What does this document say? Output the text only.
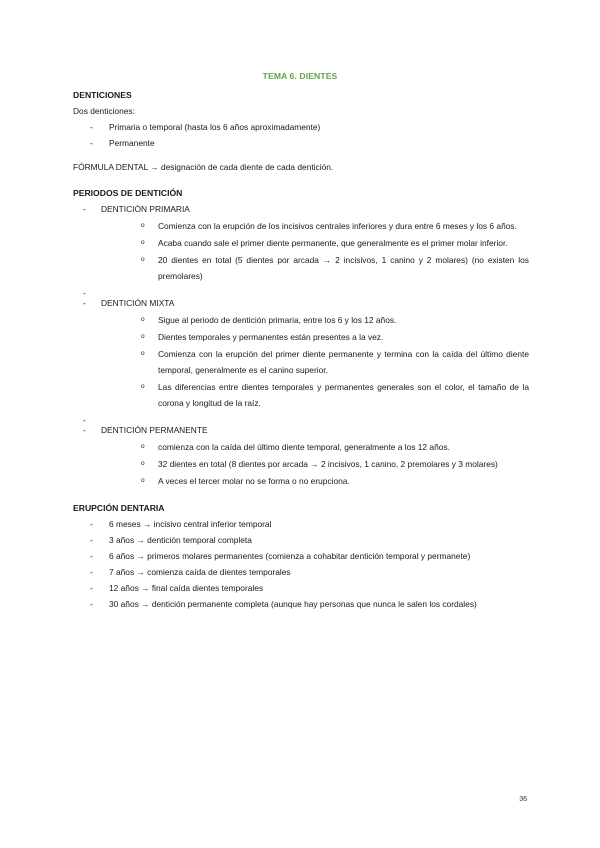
TEMA 6. DIENTES
DENTICIONES
Dos denticiones:
- Primaria o temporal (hasta los 6 años aproximadamente)
- Permanente
FÓRMULA DENTAL → designación de cada diente de cada dentición.
PERIODOS DE DENTICIÓN
- DENTICIÓN PRIMARIA
o Comienza con la erupción de los incisivos centrales inferiores y dura entre 6 meses y los 6 años.
o Acaba cuando sale el primer diente permanente, que generalmente es el primer molar inferior.
o 20 dientes en total (5 dientes por arcada → 2 incisivos, 1 canino y 2 molares) (no existen los premolares)
-
- DENTICIÓN MIXTA
o Sigue al periodo de dentición primaria, entre los 6 y los 12 años.
o Dientes temporales y permanentes están presentes a la vez.
o Comienza con la erupción del primer diente permanente y termina con la caída del último diente temporal, generalmente es el canino superior.
o Las diferencias entre dientes temporales y permanentes generales son el color, el tamaño de la corona y longitud de la raíz.
-
- DENTICIÓN PERMANENTE
o comienza con la caída del último diente temporal, generalmente a los 12 años.
o 32 dientes en total (8 dientes por arcada → 2 incisivos, 1 canino, 2 premolares y 3 molares)
o A veces el tercer molar no se forma o no erupciona.
ERUPCIÓN DENTARIA
- 6 meses → incisivo central inferior temporal
- 3 años → dentición temporal completa
- 6 años → primeros molares permanentes (comienza a cohabitar dentición temporal y permanete)
- 7 años → comienza caída de dientes temporales
- 12 años → final caída dientes temporales
- 30 años → dentición permanente completa (aunque hay personas que nunca le salen los cordales)
36
